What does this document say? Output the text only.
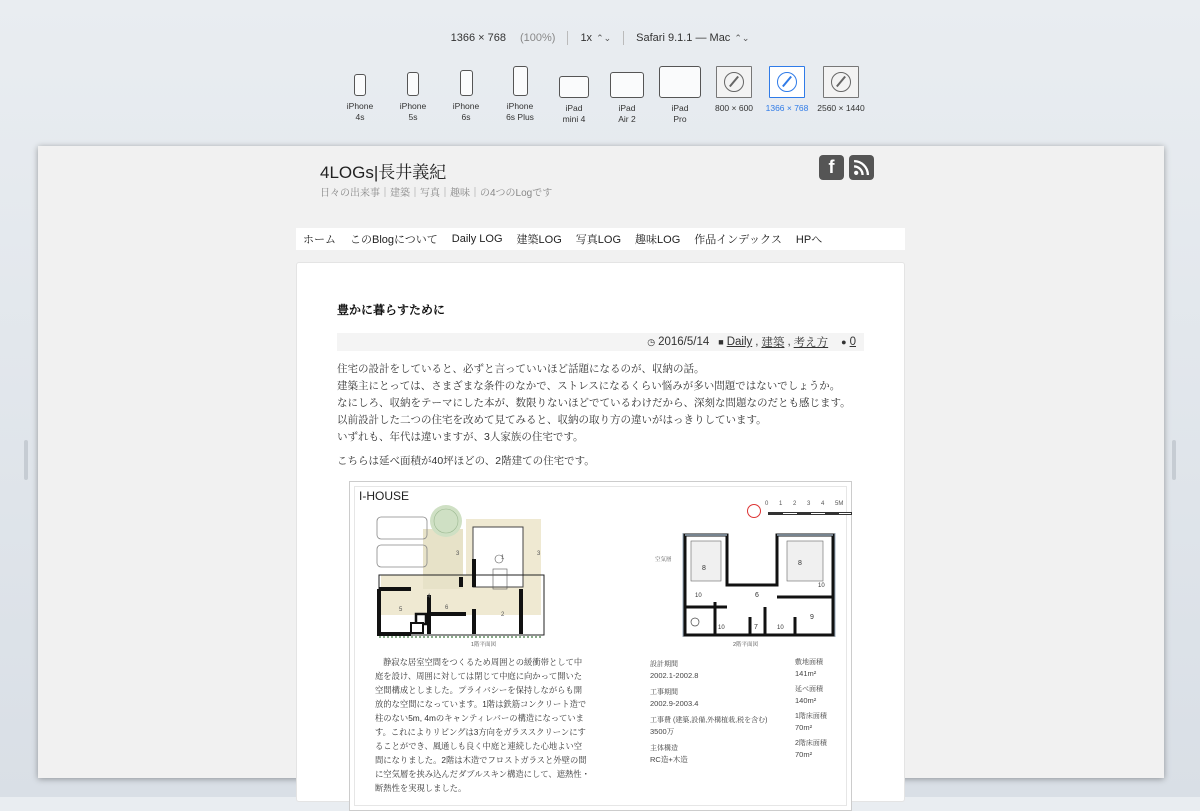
1366 × 768 (100%) 1x ⌃⌄ Safari 9.1.1 — Mac ⌃⌄
iPhone
4s
iPhone
5s
iPhone
6s
iPhone
6s Plus
iPad
mini 4
iPad
Air 2
iPad
Pro
800 × 600 1366 × 768 2560 × 1440
4LOGs|長井義紀
日々の出来事｜建築｜写真｜趣味｜の4つのLogです
f
ホーム このBlogについて Daily LOG 建築LOG 写真LOG 趣味LOG 作品インデックス HPへ
豊かに暮らすために
◷ 2016/5/14 ■ Daily , 建築 , 考え方 ● 0
住宅の設計をしていると、必ずと言っていいほど話題になるのが、収納の話。
建築主にとっては、さまざまな条件のなかで、ストレスになるくらい悩みが多い問題ではないでしょうか。
なにしろ、収納をテーマにした本が、数限りないほどでているわけだから、深刻な問題なのだとも感じます。
以前設計した二つの住宅を改めて見てみると、収納の取り方の違いがはっきりしています。
いずれも、年代は違いますが、3人家族の住宅です。
こちらは延べ面積が40坪ほどの、2階建ての住宅です。
I-HOUSE
0	1	2	3	4	5M
1階平面図
8
8
9
6
7
10
10
10
10
空気層
2階平面図
1
2
3	3
4
5	6
静寂な居室空間をつくるため周囲との緩衝帯として中庭を設け、周囲に対しては閉じて中庭に向かって開いた空間構成としました。プライバシーを保持しながらも開放的な空間になっています。1階は鉄筋コンクリート造で柱のない5m, 4mのキャンティレバーの構造になっています。これによりリビングは3方向をガラススクリーンにすることができ、風通しも良く中庭と連続した心地よい空間になりました。2階は木造でフロストガラスと外壁の間に空気層を挟み込んだダブルスキン構造にして、遮熱性・断熱性を実現しました。
設計期間
2002.1-2002.8
工事期間
2002.9-2003.4
工事費 (建築,設備,外構植栽,税を含む)
3500万
主体構造
RC造+木造
敷地面積
141m²
延べ面積
140m²
1階床面積
70m²
2階床面積
70m²
